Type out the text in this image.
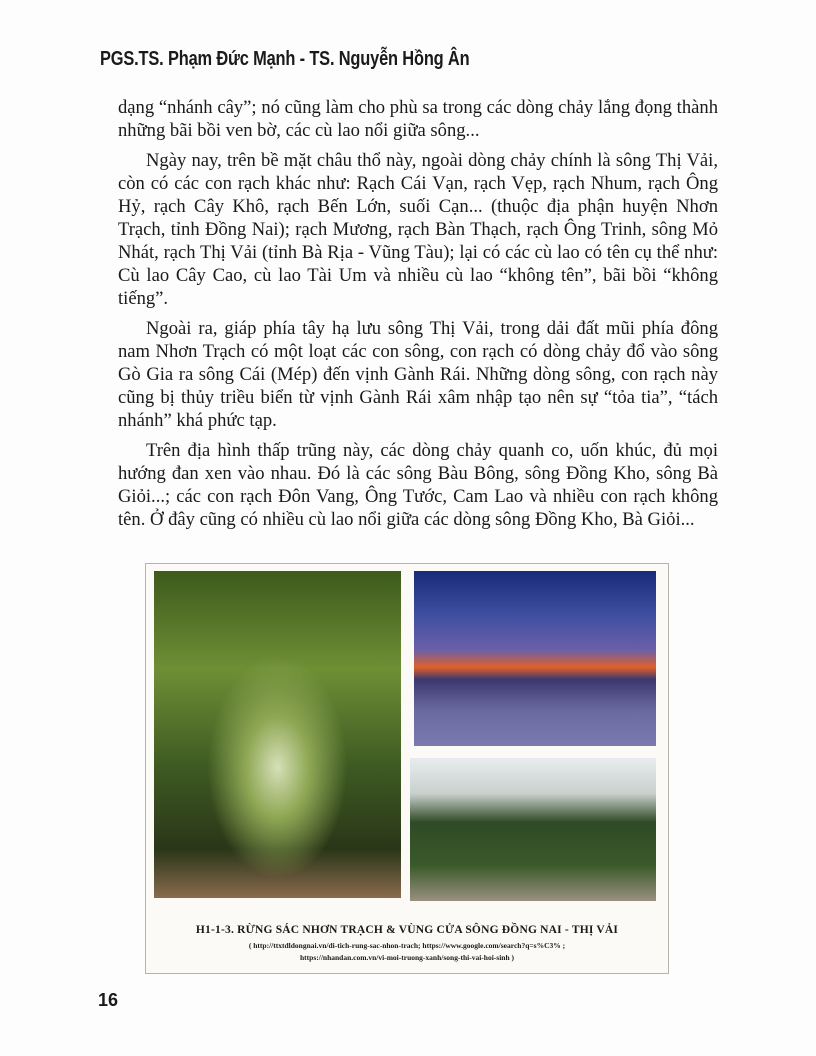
PGS.TS. Phạm Đức Mạnh - TS. Nguyễn Hồng Ân

dạng “nhánh cây”; nó cũng làm cho phù sa trong các dòng chảy lắng đọng thành những bãi bồi ven bờ, các cù lao nổi giữa sông...

Ngày nay, trên bề mặt châu thổ này, ngoài dòng chảy chính là sông Thị Vải, còn có các con rạch khác như: Rạch Cái Vạn, rạch Vẹp, rạch Nhum, rạch Ông Hỷ, rạch Cây Khô, rạch Bến Lớn, suối Cạn... (thuộc địa phận huyện Nhơn Trạch, tỉnh Đồng Nai); rạch Mương, rạch Bàn Thạch, rạch Ông Trinh, sông Mỏ Nhát, rạch Thị Vải (tỉnh Bà Rịa - Vũng Tàu); lại có các cù lao có tên cụ thể như: Cù lao Cây Cao, cù lao Tài Um và nhiều cù lao “không tên”, bãi bồi “không tiếng”.

Ngoài ra, giáp phía tây hạ lưu sông Thị Vải, trong dải đất mũi phía đông nam Nhơn Trạch có một loạt các con sông, con rạch có dòng chảy đổ vào sông Gò Gia ra sông Cái (Mép) đến vịnh Gành Rái. Những dòng sông, con rạch này cũng bị thủy triều biển từ vịnh Gành Rái xâm nhập tạo nên sự “tỏa tia”, “tách nhánh” khá phức tạp.

Trên địa hình thấp trũng này, các dòng chảy quanh co, uốn khúc, đủ mọi hướng đan xen vào nhau. Đó là các sông Bàu Bông, sông Đồng Kho, sông Bà Giỏi...; các con rạch Đôn Vang, Ông Tước, Cam Lao và nhiều con rạch không tên. Ở đây cũng có nhiều cù lao nổi giữa các dòng sông Đồng Kho, Bà Giỏi...

H1-1-3. RỪNG SÁC NHƠN TRẠCH & VÙNG CỬA SÔNG ĐỒNG NAI - THỊ VẢI
( http://ttxtdldongnai.vn/di-tich-rung-sac-nhon-trach; https://www.google.com/search?q=s%C3% ;
https://nhandan.com.vn/vi-moi-truong-xanh/song-thi-vai-hoi-sinh )
16
